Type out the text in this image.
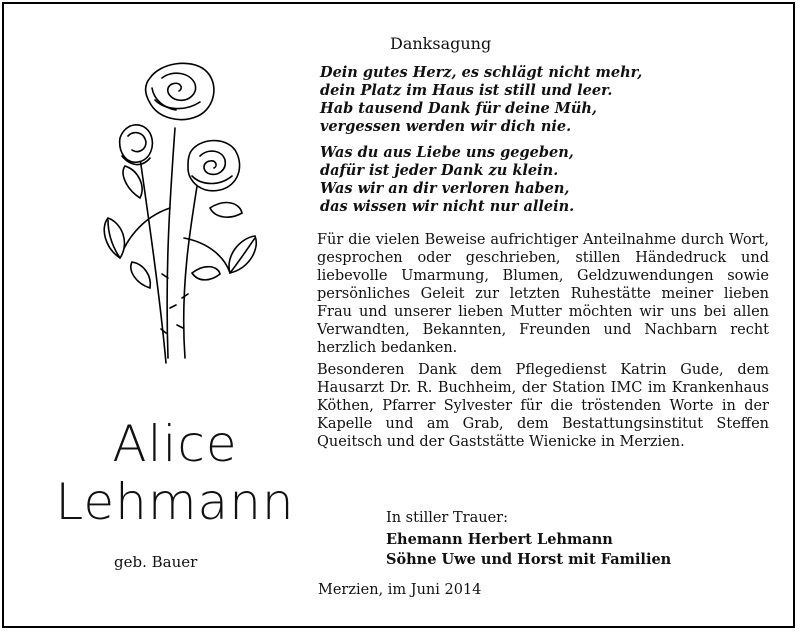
Danksagung
Dein gutes Herz, es schlägt nicht mehr,
dein Platz im Haus ist still und leer.
Hab tausend Dank für deine Müh,
vergessen werden wir dich nie.
Was du aus Liebe uns gegeben,
dafür ist jeder Dank zu klein.
Was wir an dir verloren haben,
das wissen wir nicht nur allein.

Für die vielen Beweise aufrichtiger Anteilnahme durch Wort, gesprochen oder geschrieben, stillen Händedruck und liebevolle Umarmung, Blumen, Geldzuwendungen sowie persönliches Geleit zur letzten Ruhestätte meiner lieben Frau und unserer lieben Mutter möchten wir uns bei allen Verwandten, Bekannten, Freunden und Nachbarn recht herzlich bedanken.

Besonderen Dank dem Pflegedienst Katrin Gude, dem Hausarzt Dr. R. Buchheim, der Station IMC im Krankenhaus Köthen, Pfarrer Sylvester für die tröstenden Worte in der Kapelle und am Grab, dem Bestattungsinstitut Steffen Queitsch und der Gaststätte Wienicke in Merzien.

In stiller Trauer:
Ehemann Herbert Lehmann
Söhne Uwe und Horst mit Familien
Merzien, im Juni 2014
Alice
Lehmann
geb. Bauer
